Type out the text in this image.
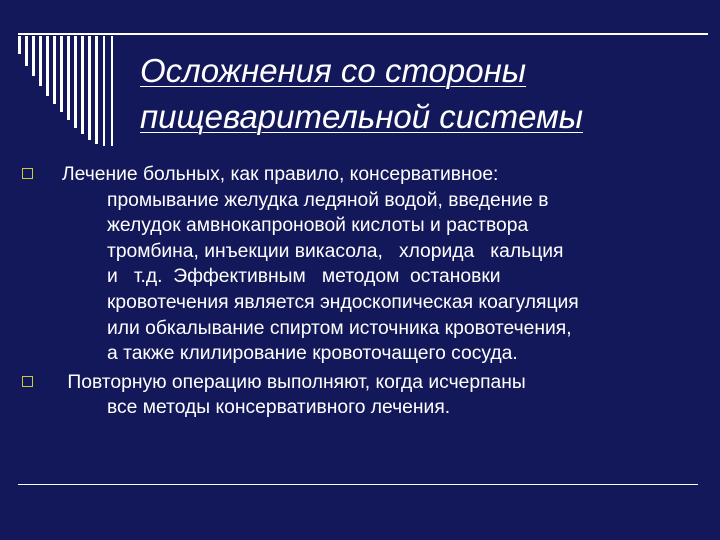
Осложнения со стороны
пищеварительной системы
Лечение больных, как правило, консервативное:
промывание желудка ледяной водой, введение в
желудок амвнокапроновой кислоты и раствора
тромбина, инъекции викасола,   хлорида   кальция
и   т.д.  Эффективным   методом  остановки
кровотечения является эндоскопическая коагуляция
или обкалывание спиртом источника кровотечения,
а также клилирование кровоточащего сосуда.
Повторную операцию выполняют, когда исчерпаны
все методы консервативного лечения.
